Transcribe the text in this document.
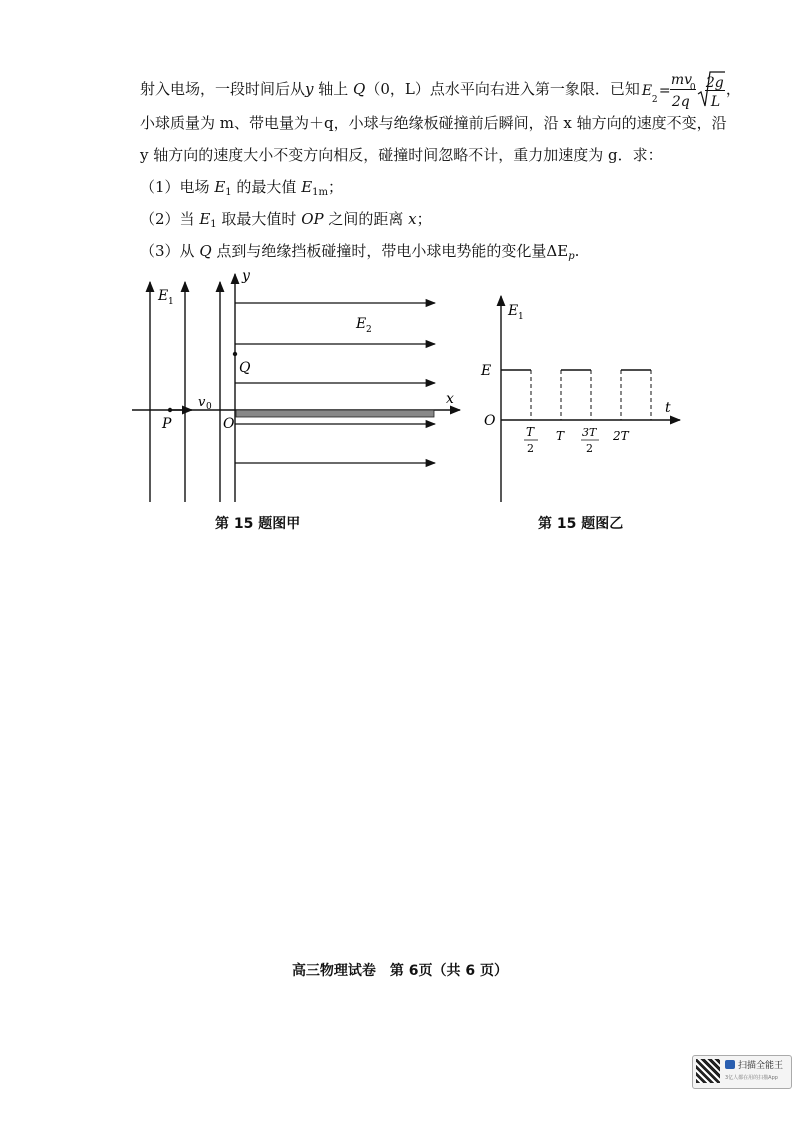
射入电场，一段时间后从y 轴上 Q（0，L）点水平向右进入第一象限．已知 E
2
=
mv
0
2q
2g
L
，
小球质量为 m、带电量为＋q，小球与绝缘板碰撞前后瞬间，沿 x 轴方向的速度不变，沿
y 轴方向的速度大小不变方向相反，碰撞时间忽略不计，重力加速度为 g．求：
（1）电场 $E_1$ 的最大值 $E_{1m}$；
（2）当 $E_1$ 取最大值时 OP 之间的距离 x；
（3）从 Q 点到与绝缘挡板碰撞时，带电小球电势能的变化量$\Delta E_p$.
E 1
E 2
y
x
Q
O
P
v 0
第 15 题图甲
E 1
E
O
t
T
2
T 3T
2
2T
第 15 题图乙
高三物理试卷　第 6页（共 6 页）
扫描全能王
3亿人都在用的扫描App
